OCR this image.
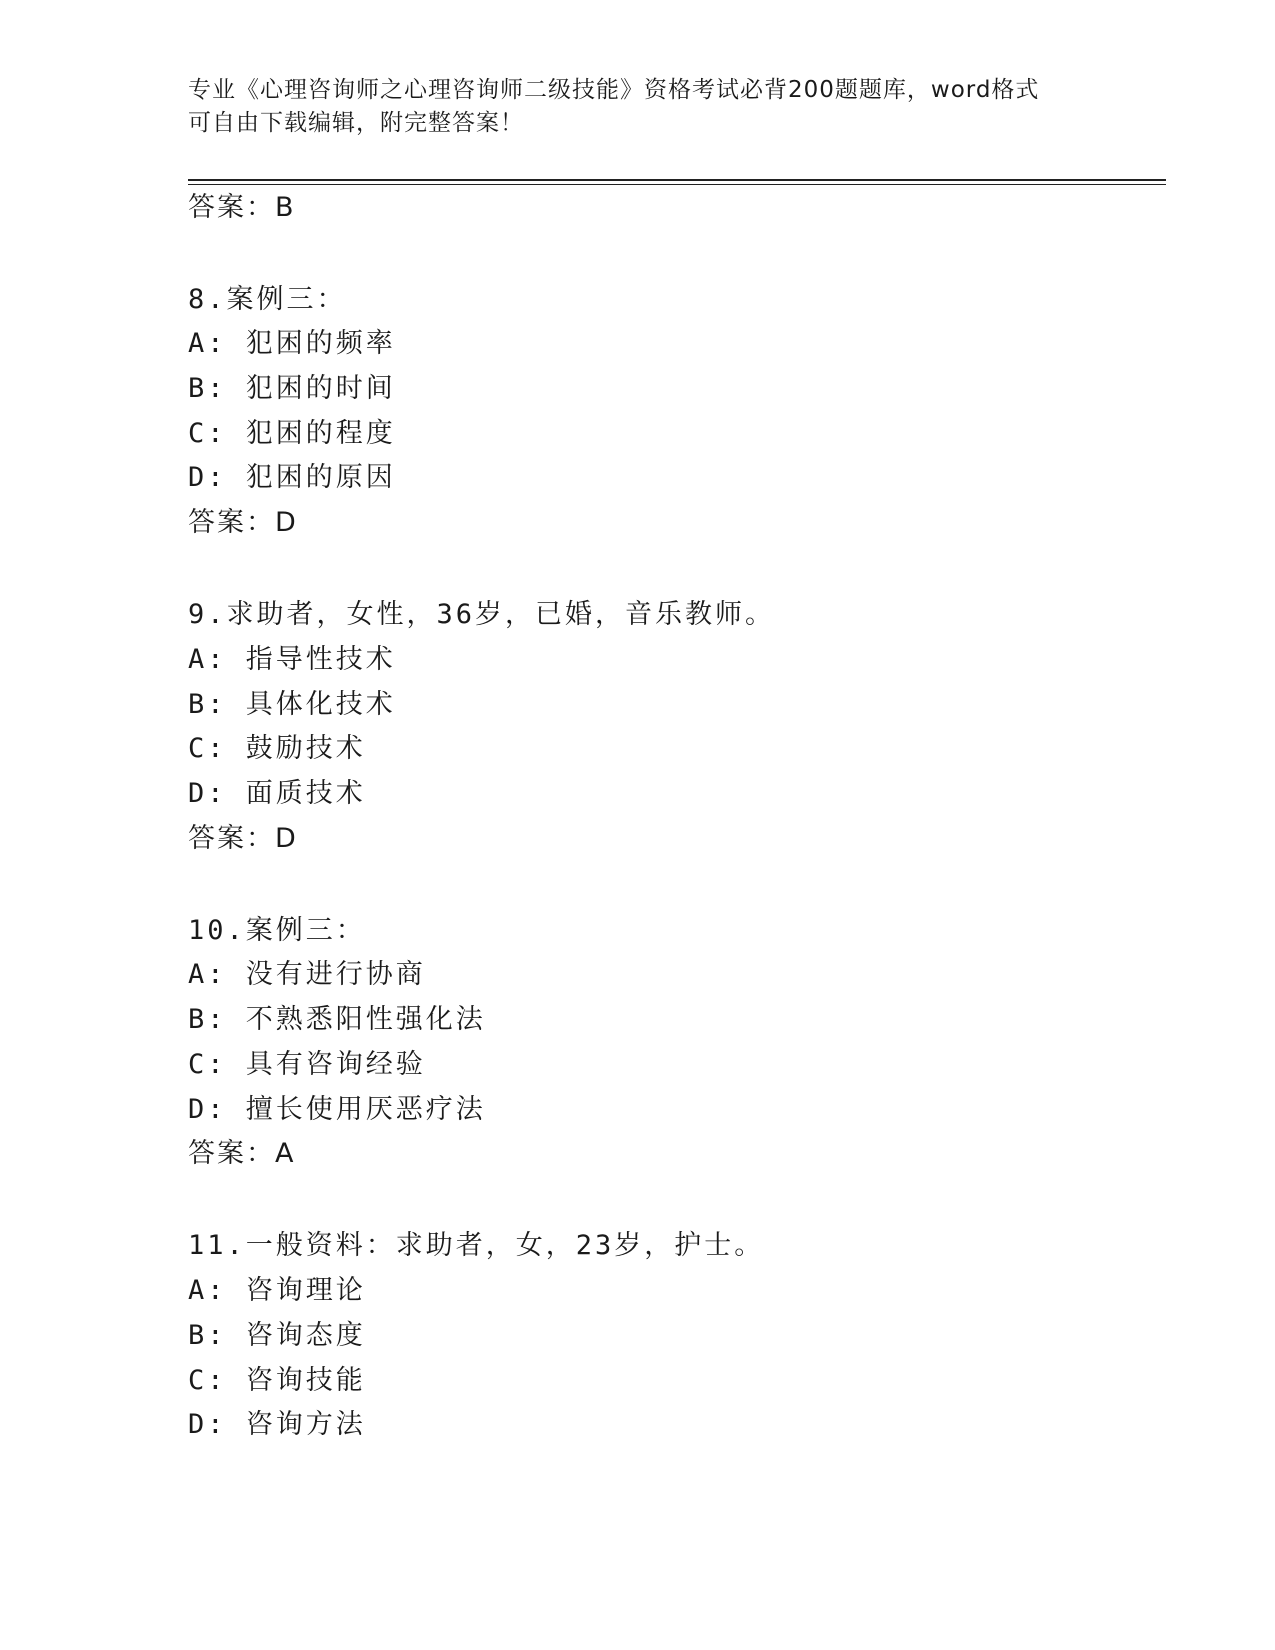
专业《心理咨询师之心理咨询师二级技能》资格考试必背200题题库，word格式
可自由下载编辑，附完整答案！
答案：B
8.案例三：
A: 犯困的频率
B: 犯困的时间
C: 犯困的程度
D: 犯困的原因
答案：D
9.求助者，女性，36岁，已婚，音乐教师。
A: 指导性技术
B: 具体化技术
C: 鼓励技术
D: 面质技术
答案：D
10.案例三：
A: 没有进行协商
B: 不熟悉阳性强化法
C: 具有咨询经验
D: 擅长使用厌恶疗法
答案：A
11.一般资料：求助者，女，23岁，护士。
A: 咨询理论
B: 咨询态度
C: 咨询技能
D: 咨询方法
